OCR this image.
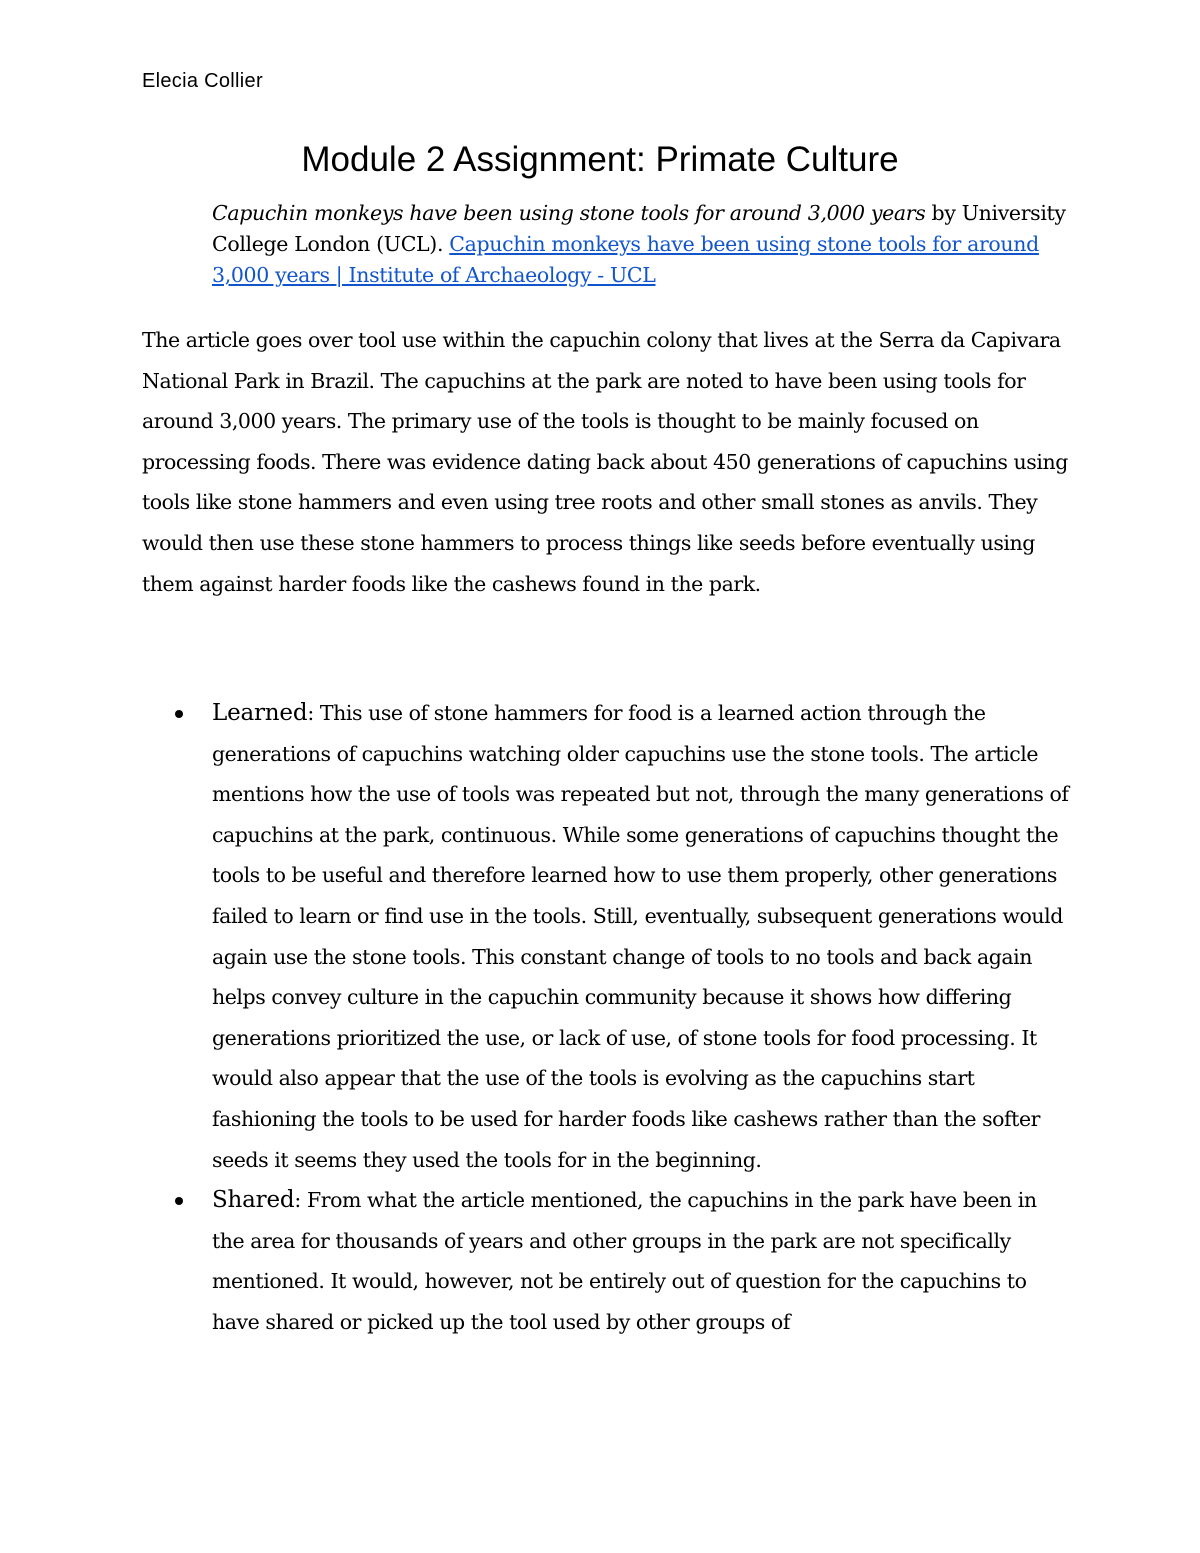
Elecia Collier
Module 2 Assignment: Primate Culture
Capuchin monkeys have been using stone tools for around 3,000 years by University College London (UCL). Capuchin monkeys have been using stone tools for around 3,000 years | Institute of Archaeology - UCL
The article goes over tool use within the capuchin colony that lives at the Serra da Capivara National Park in Brazil. The capuchins at the park are noted to have been using tools for around 3,000 years. The primary use of the tools is thought to be mainly focused on processing foods. There was evidence dating back about 450 generations of capuchins using tools like stone hammers and even using tree roots and other small stones as anvils. They would then use these stone hammers to process things like seeds before eventually using them against harder foods like the cashews found in the park.
Learned: This use of stone hammers for food is a learned action through the generations of capuchins watching older capuchins use the stone tools. The article mentions how the use of tools was repeated but not, through the many generations of capuchins at the park, continuous. While some generations of capuchins thought the tools to be useful and therefore learned how to use them properly, other generations failed to learn or find use in the tools. Still, eventually, subsequent generations would again use the stone tools. This constant change of tools to no tools and back again helps convey culture in the capuchin community because it shows how differing generations prioritized the use, or lack of use, of stone tools for food processing. It would also appear that the use of the tools is evolving as the capuchins start fashioning the tools to be used for harder foods like cashews rather than the softer seeds it seems they used the tools for in the beginning.
Shared: From what the article mentioned, the capuchins in the park have been in the area for thousands of years and other groups in the park are not specifically mentioned. It would, however, not be entirely out of question for the capuchins to have shared or picked up the tool used by other groups of
